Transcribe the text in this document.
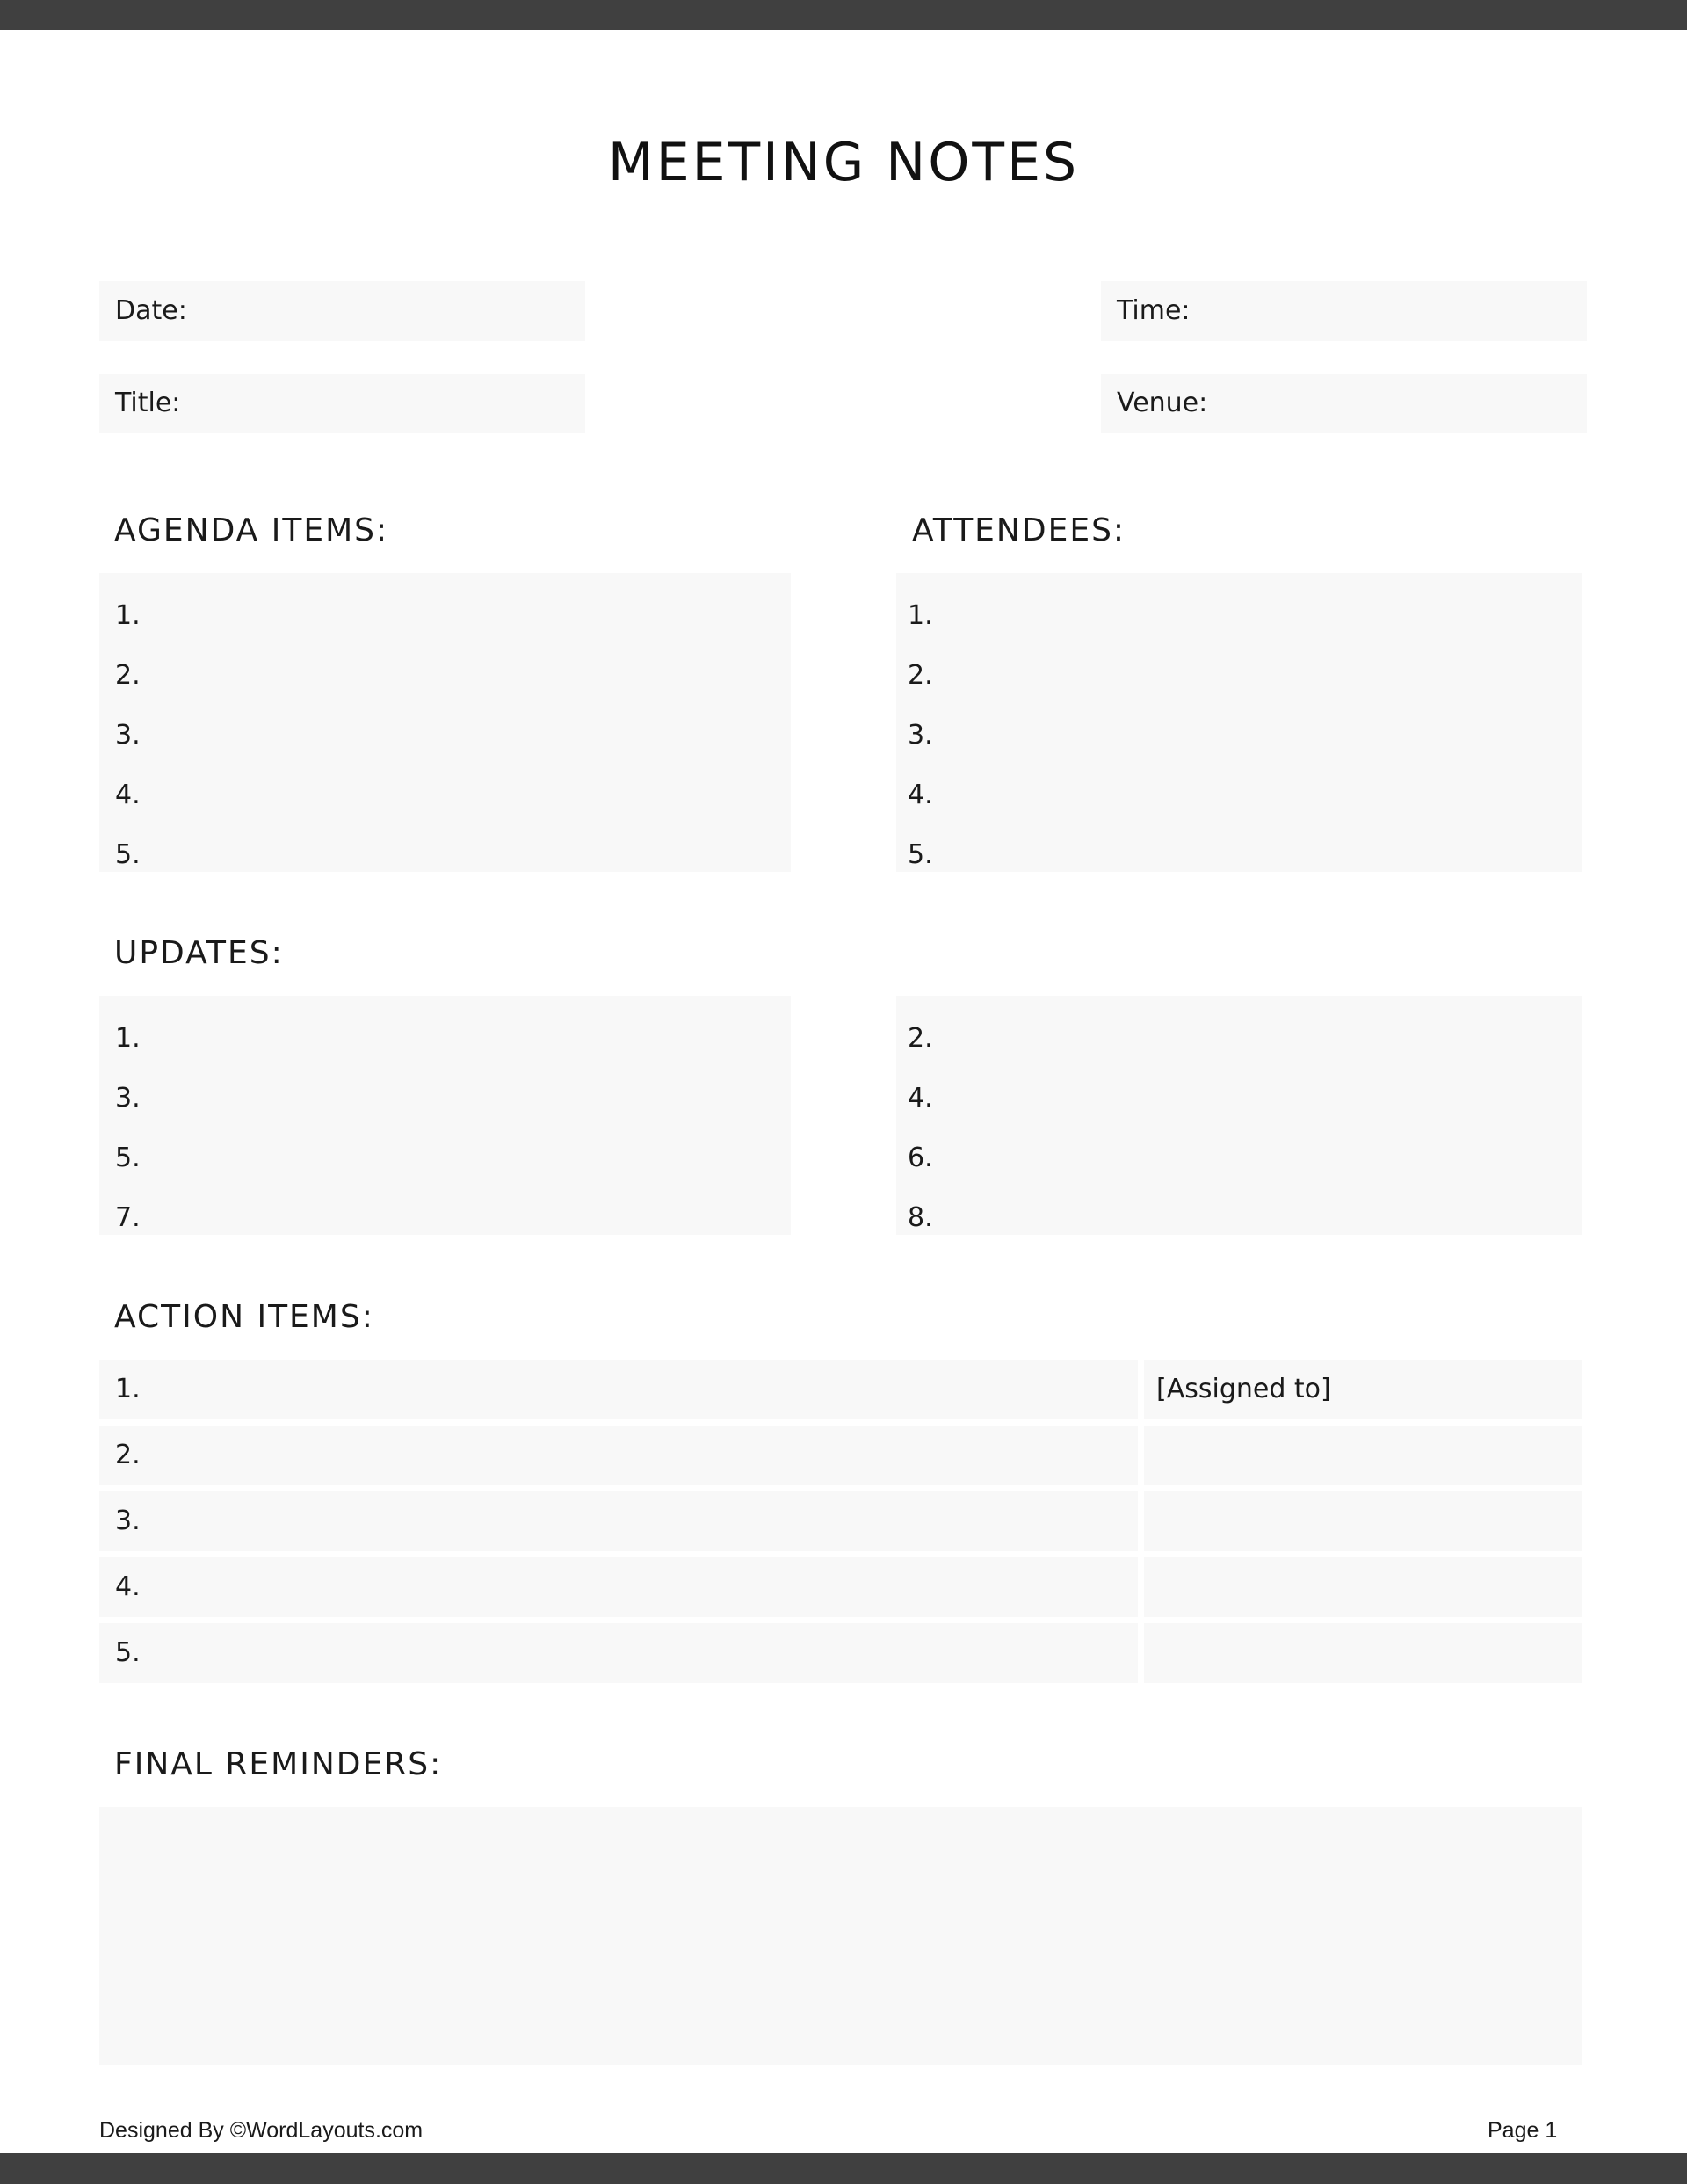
MEETING NOTES
Date:	Time:
Title:	Venue:
AGENDA ITEMS:	ATTENDEES:
1.
2.
3.
4.
5.
1.
2.
3.
4.
5.
UPDATES:
1.
3.
5.
7.
2.
4.
6.
8.
ACTION ITEMS:
1.	[Assigned to]
2.
3.
4.
5.
FINAL REMINDERS:
Designed By ©WordLayouts.com	Page 1
